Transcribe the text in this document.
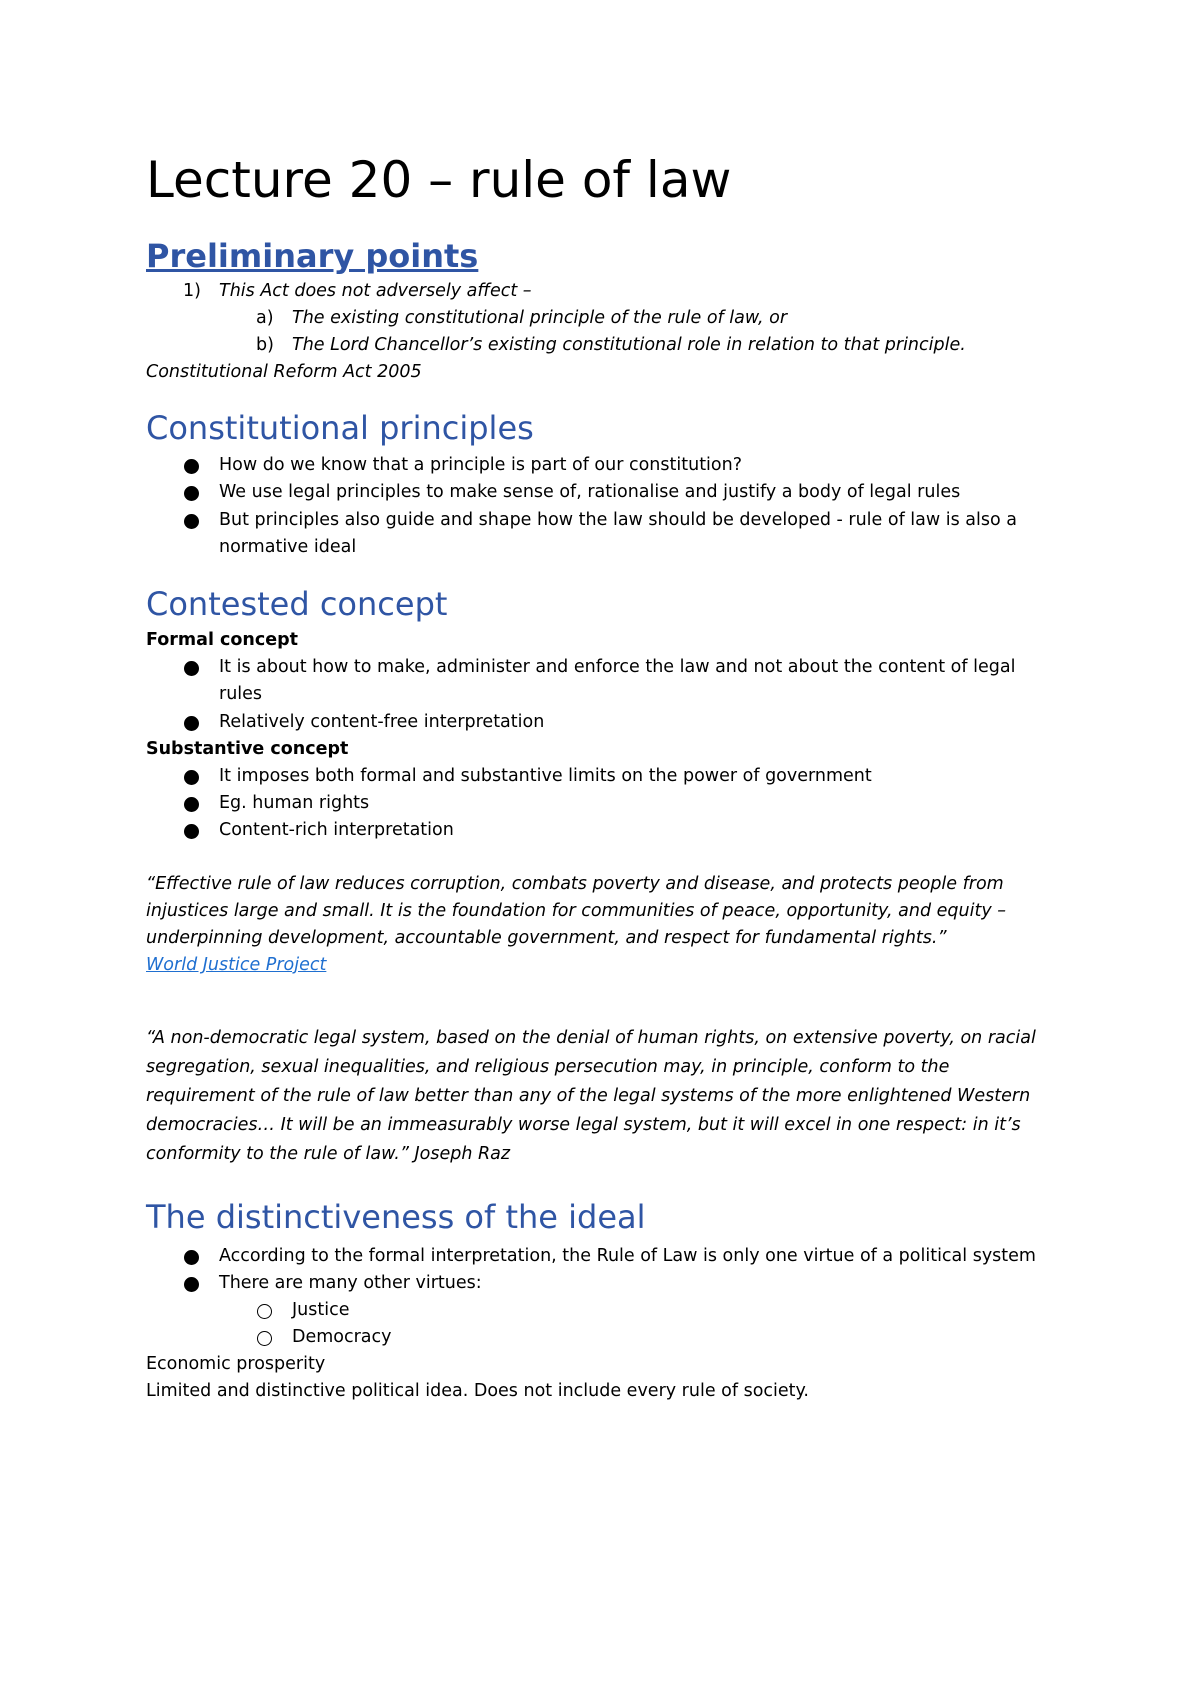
Lecture 20 – rule of law
Preliminary points
1) This Act does not adversely affect –
a) The existing constitutional principle of the rule of law, or
b) The Lord Chancellor’s existing constitutional role in relation to that principle.

Constitutional Reform Act 2005

Constitutional principles
How do we know that a principle is part of our constitution?
We use legal principles to make sense of, rationalise and justify a body of legal rules
But principles also guide and shape how the law should be developed - rule of law is also a
normative ideal
Contested concept

Formal concept

It is about how to make, administer and enforce the law and not about the content of legal
rules
Relatively content-free interpretation

Substantive concept

It imposes both formal and substantive limits on the power of government
Eg. human rights
Content-rich interpretation

“Effective rule of law reduces corruption, combats poverty and disease, and protects people from

injustices large and small. It is the foundation for communities of peace, opportunity, and equity –

underpinning development, accountable government, and respect for fundamental rights.”

World Justice Project

“A non-democratic legal system, based on the denial of human rights, on extensive poverty, on racial

segregation, sexual inequalities, and religious persecution may, in principle, conform to the

requirement of the rule of law better than any of the legal systems of the more enlightened Western

democracies… It will be an immeasurably worse legal system, but it will excel in one respect: in it’s

conformity to the rule of law.” Joseph Raz

The distinctiveness of the ideal
According to the formal interpretation, the Rule of Law is only one virtue of a political system
There are many other virtues:
Justice
Democracy

Economic prosperity

Limited and distinctive political idea. Does not include every rule of society.
